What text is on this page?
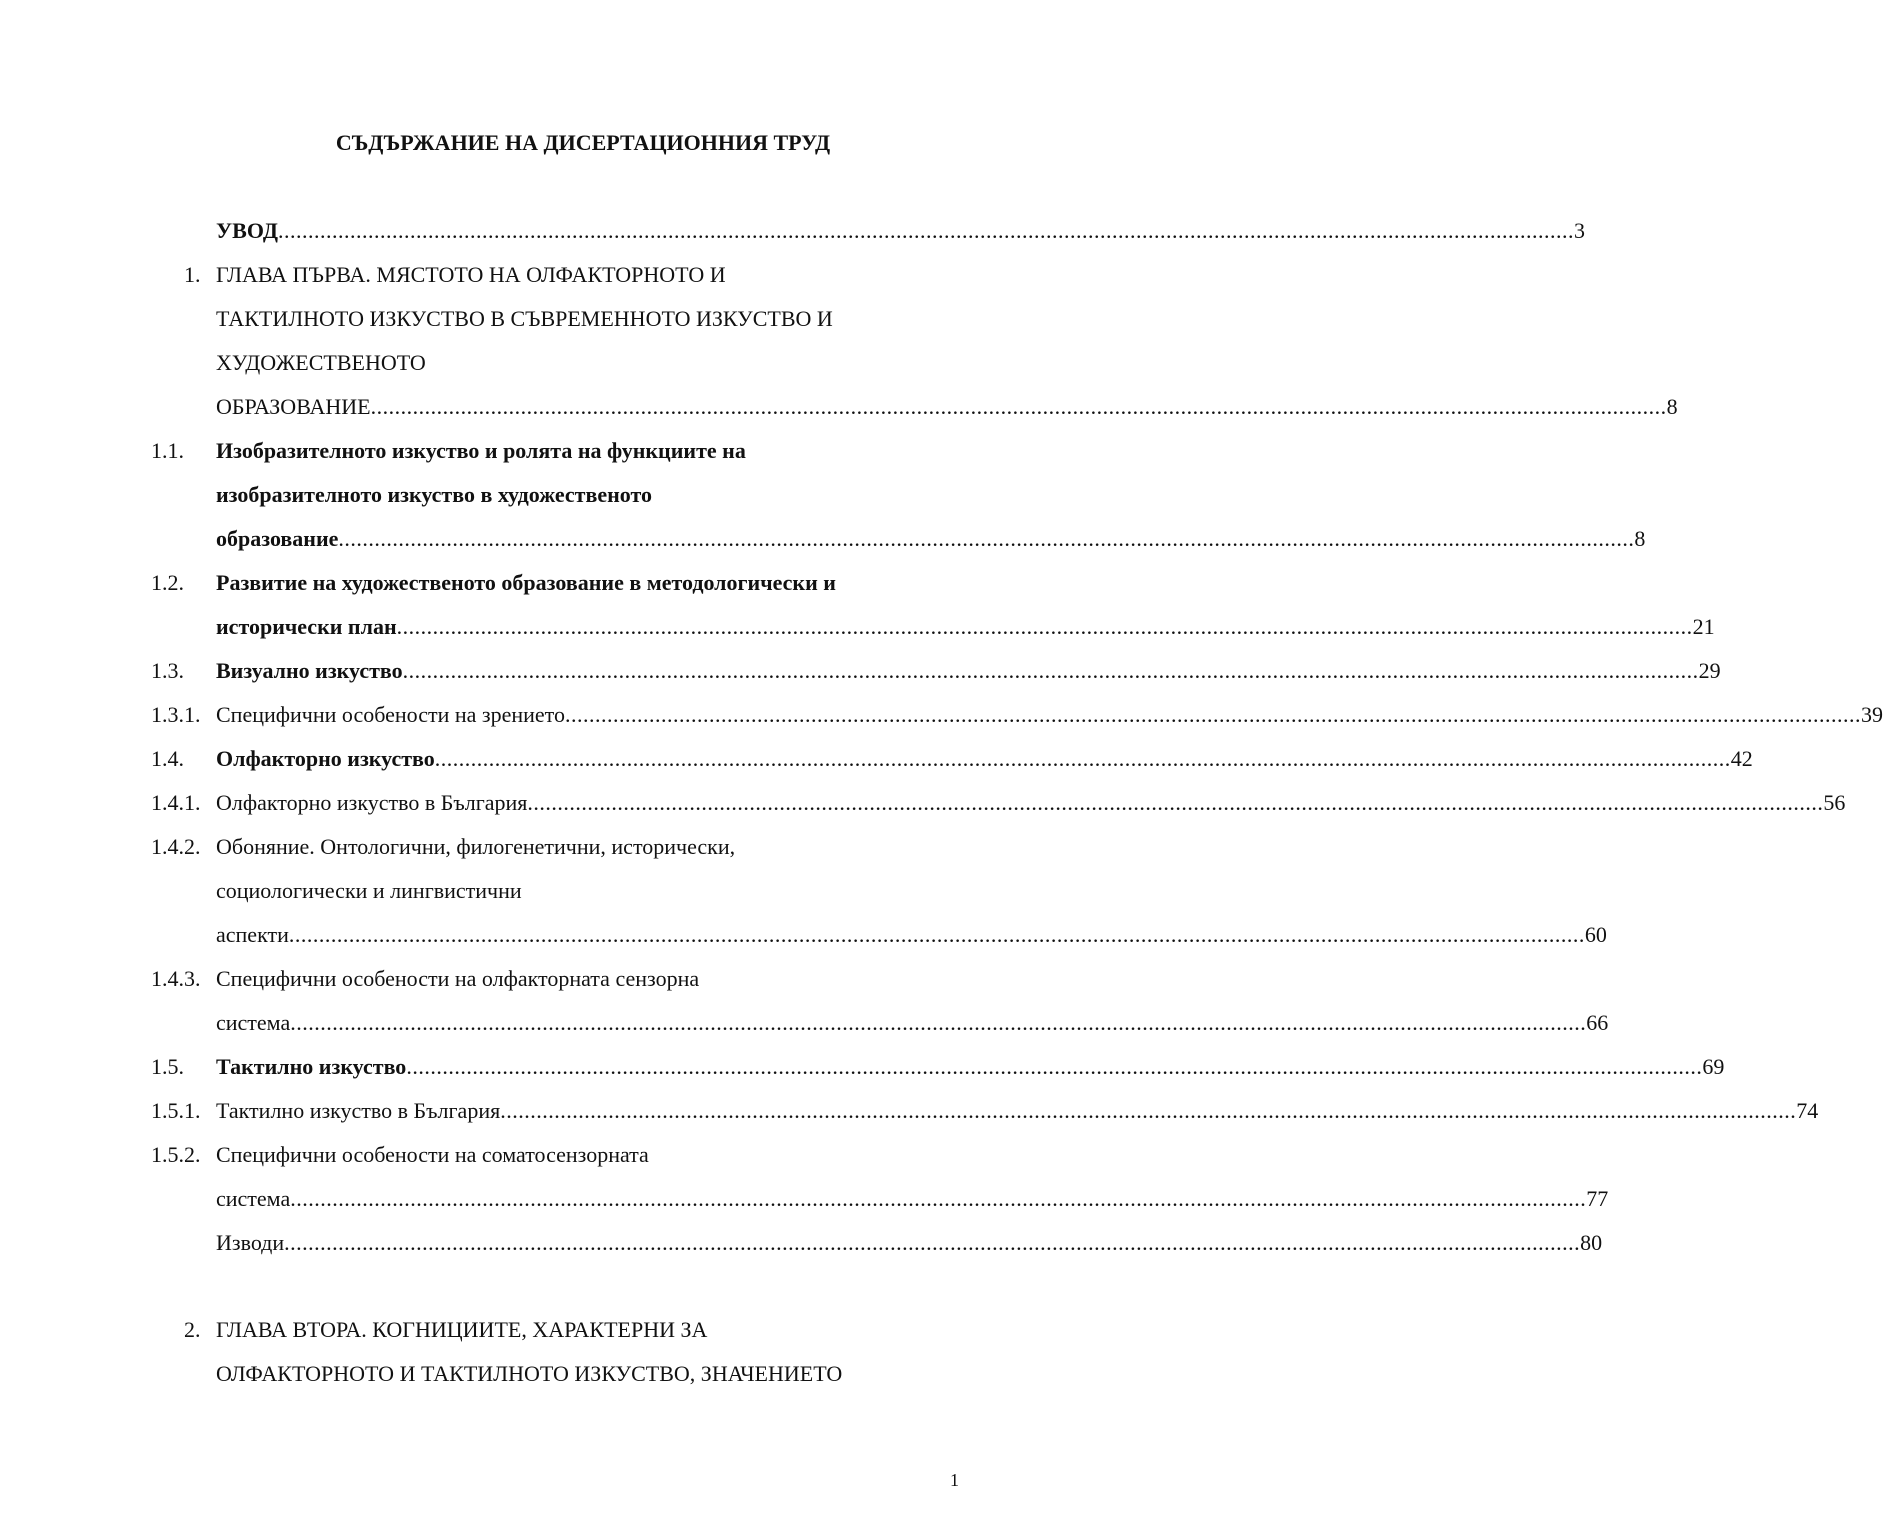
СЪДЪРЖАНИЕ НА ДИСЕРТАЦИОННИЯ ТРУД
УВОД ........................................................................................................................................................................................................................ 3
1. ГЛАВА ПЪРВА. МЯСТОТО НА ОЛФАКТОРНОТО И
ТАКТИЛНОТО ИЗКУСТВО В СЪВРЕМЕННОТО ИЗКУСТВО И
ХУДОЖЕСТВЕНОТО
ОБРАЗОВАНИЕ ........................................................................................................................................................................................................................ 8
1.1. Изобразителното изкуство и ролята на функциите на
изобразителното изкуство в художественото
образование ........................................................................................................................................................................................................................ 8
1.2. Развитие на художественото образование в методологически и
исторически план ........................................................................................................................................................................................................................ 21
1.3. Визуално изкуство ........................................................................................................................................................................................................................ 29
1.3.1. Специфични особености на зрението ........................................................................................................................................................................................................................ 39
1.4. Олфакторно изкуство ........................................................................................................................................................................................................................ 42
1.4.1. Олфакторно изкуство в България ........................................................................................................................................................................................................................ 56
1.4.2. Обоняние. Онтологични, филогенетични, исторически,
социологически и лингвистични
аспекти ........................................................................................................................................................................................................................ 60
1.4.3. Специфични особености на олфакторната сензорна
система ........................................................................................................................................................................................................................ 66
1.5. Тактилно изкуство ........................................................................................................................................................................................................................ 69
1.5.1. Тактилно изкуство в България ........................................................................................................................................................................................................................ 74
1.5.2. Специфични особености на соматосензорната
система ........................................................................................................................................................................................................................ 77
Изводи ........................................................................................................................................................................................................................ 80
2. ГЛАВА ВТОРА. КОГНИЦИИТЕ, ХАРАКТЕРНИ ЗА
ОЛФАКТОРНОТО И ТАКТИЛНОТО ИЗКУСТВО, ЗНАЧЕНИЕТО
1
